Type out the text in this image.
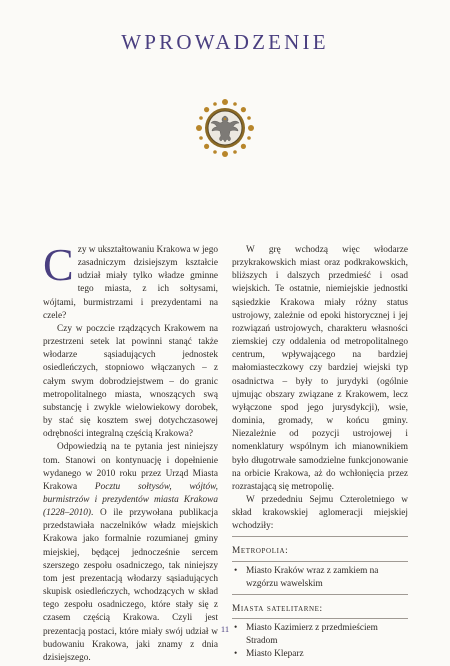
WPROWADZENIE

Czy w ukształtowaniu Krakowa w jego zasadniczym dzisiejszym kształcie udział miały tylko władze gminne tego miasta, z ich sołtysami, wójtami, burmistrzami i prezydentami na czele?

Czy w poczcie rządzących Krakowem na przestrzeni setek lat powinni stanąć także włodarze sąsiadujących jednostek osiedleńczych, stopniowo włączanych – z całym swym dobrodziejstwem – do granic metropolitalnego miasta, wnoszących swą substancję i zwykle wielowiekowy dorobek, by stać się kosztem swej dotychczasowej odrębności integralną częścią Krakowa?

Odpowiedzią na te pytania jest niniejszy tom. Stanowi on kontynuację i dopełnienie wydanego w 2010 roku przez Urząd Miasta Krakowa Pocztu sołtysów, wójtów, burmistrzów i prezydentów miasta Krakowa (1228–2010). O ile przywołana publikacja przedstawiała naczelników władz miejskich Krakowa jako formalnie rozumianej gminy miejskiej, będącej jednocześnie sercem szerszego zespołu osadniczego, tak niniejszy tom jest prezentacją włodarzy sąsiadujących skupisk osiedleńczych, wchodzących w skład tego zespołu osadniczego, które stały się z czasem częścią Krakowa. Czyli jest prezentacją postaci, które miały swój udział w budowaniu Krakowa, jaki znamy z dnia dzisiejszego.

W grę wchodzą więc włodarze przykrakowskich miast oraz podkrakowskich, bliższych i dalszych przedmieść i osad wiejskich. Te ostatnie, niemiejskie jednostki sąsiedzkie Krakowa miały różny status ustrojowy, zależnie od epoki historycznej i jej rozwiązań ustrojowych, charakteru własności ziemskiej czy oddalenia od metropolitalnego centrum, wpływającego na bardziej małomiasteczkowy czy bardziej wiejski typ osadnictwa – były to jurydyki (ogólnie ujmując obszary związane z Krakowem, lecz wyłączone spod jego jurysdykcji), wsie, dominia, gromady, w końcu gminy. Niezależnie od pozycji ustrojowej i nomenklatury wspólnym ich mianownikiem było długotrwałe samodzielne funkcjonowanie na orbicie Krakowa, aż do wchłonięcia przez rozrastającą się metropolię.

W przededniu Sejmu Czteroletniego w skład krakowskiej aglomeracji miejskiej wchodziły:

Metropolia:
• Miasto Kraków wraz z zamkiem na wzgórzu wawelskim
Miasta satelitarne:
• Miasto Kazimierz z przedmieściem Stradom
• Miasto Kleparz
11
